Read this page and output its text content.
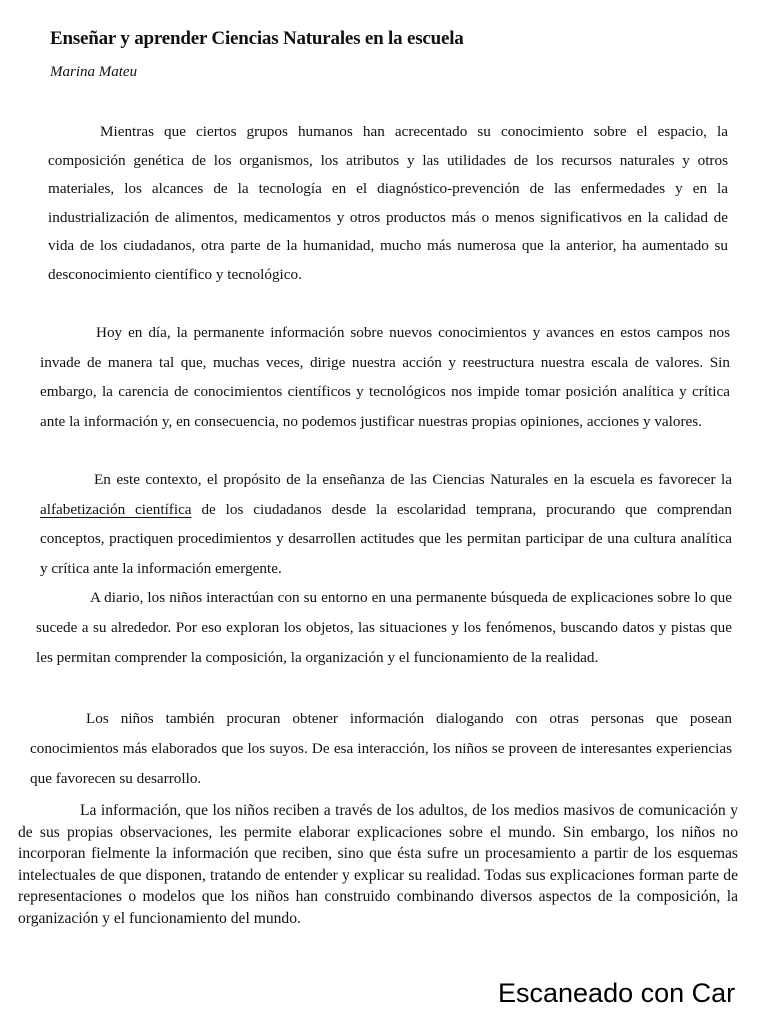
Enseñar y aprender Ciencias Naturales en la escuela
Marina Mateu

Mientras que ciertos grupos humanos han acrecentado su conocimiento sobre el espacio, la composición genética de los organismos, los atributos y las utilidades de los recursos naturales y otros materiales, los alcances de la tecnología en el diagnóstico-prevención de las enfermedades y en la industrialización de alimentos, medicamentos y otros productos más o menos significativos en la calidad de vida de los ciudadanos, otra parte de la humanidad, mucho más numerosa que la anterior, ha aumentado su desconocimiento científico y tecnológico.

Hoy en día, la permanente información sobre nuevos conocimientos y avances en estos campos nos invade de manera tal que, muchas veces, dirige nuestra acción y reestructura nuestra escala de valores. Sin embargo, la carencia de conocimientos científicos y tecnológicos nos impide tomar posición analítica y crítica ante la información y, en consecuencia, no podemos justificar nuestras propias opiniones, acciones y valores.

En este contexto, el propósito de la enseñanza de las Ciencias Naturales en la escuela es favorecer la alfabetización científica de los ciudadanos desde la escolaridad temprana, procurando que comprendan conceptos, practiquen procedimientos y desarrollen actitudes que les permitan participar de una cultura analítica y crítica ante la información emergente.

A diario, los niños interactúan con su entorno en una permanente búsqueda de explicaciones sobre lo que sucede a su alrededor. Por eso exploran los objetos, las situaciones y los fenómenos, buscando datos y pistas que les permitan comprender la composición, la organización y el funcionamiento de la realidad.

Los niños también procuran obtener información dialogando con otras personas que posean conocimientos más elaborados que los suyos. De esa interacción, los niños se proveen de interesantes experiencias que favorecen su desarrollo.

La información, que los niños reciben a través de los adultos, de los medios masivos de comunicación y de sus propias observaciones, les permite elaborar explicaciones sobre el mundo. Sin embargo, los niños no incorporan fielmente la información que reciben, sino que ésta sufre un procesamiento a partir de los esquemas intelectuales de que disponen, tratando de entender y explicar su realidad. Todas sus explicaciones forman parte de representaciones o modelos que los niños han construido combinando diversos aspectos de la composición, la organización y el funcionamiento del mundo.

Escaneado con Car
